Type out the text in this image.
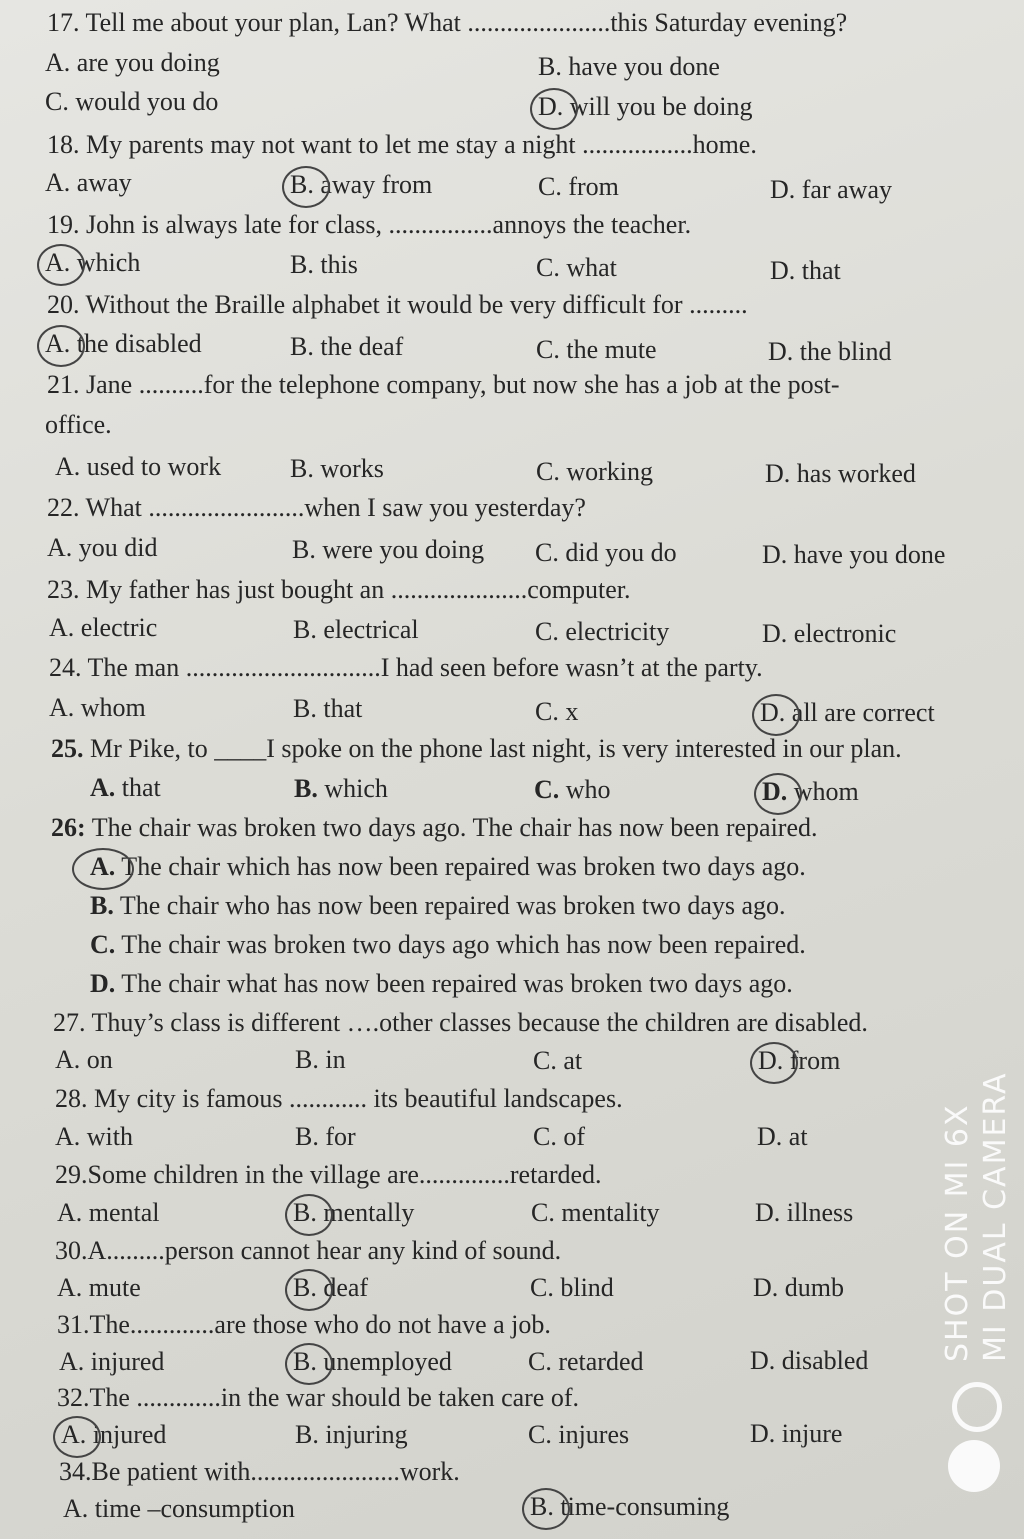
17. Tell me about your plan, Lan? What ......................this Saturday evening?
A. are you doing	B. have you done
C. would you do	D. will you be doing
18. My parents may not want to let me stay a night .................home.
A. away	B. away from	C. from	D. far away
19. John is always late for class, ................annoys the teacher.
A. which	B. this	C. what	D. that
20. Without the Braille alphabet it would be very difficult for .........
A. the disabled	B. the deaf	C. the mute	D. the blind
21. Jane ..........for the telephone company, but now she has a job at the post-
office.
A. used to work	B. works	C. working	D. has worked
22. What ........................when I saw you yesterday?
A. you did	B. were you doing C. did you do	D. have you done
23. My father has just bought an .....................computer.
A. electric	B. electrical	C. electricity	D. electronic
24. The man ..............................I had seen before wasn’t at the party.
A. whom	B. that	C. x	D. all are correct
25. Mr Pike, to ____I spoke on the phone last night, is very interested in our plan.
A. that	B. which	C. who	D. whom
26: The chair was broken two days ago. The chair has now been repaired.
A. The chair which has now been repaired was broken two days ago.
B. The chair who has now been repaired was broken two days ago.
C. The chair was broken two days ago which has now been repaired.
D. The chair what has now been repaired was broken two days ago.
27. Thuy’s class is different ….other classes because the children are disabled.
A. on	B. in	C. at	D. from
28. My city is famous ............ its beautiful landscapes.
A. with	B. for	C. of	D. at
29.Some children in the village are..............retarded.
A. mental	B. mentally	C. mentality	D. illness
30.A.........person cannot hear any kind of sound.
A. mute	B. deaf	C. blind	D. dumb
31.The.............are those who do not have a job.
A. injured	B. unemployed	C. retarded	D. disabled
32.The .............in the war should be taken care of.
A. injured	B. injuring	C. injures	D. injure
34.Be patient with.......................work.
A. time –consumption	B. time-consuming
SHOT ON MI 6X MI DUAL CAMERA
